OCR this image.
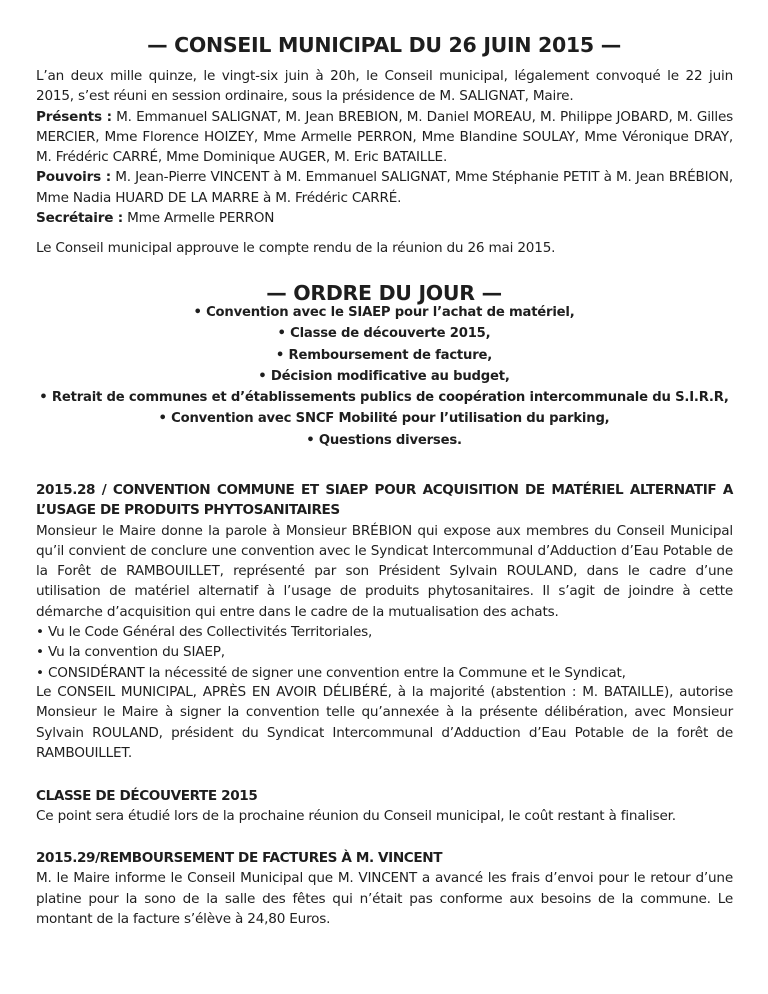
— CONSEIL MUNICIPAL DU 26 JUIN 2015 —

L’an deux mille quinze, le vingt-six juin à 20h, le Conseil municipal, légalement convoqué le 22 juin 2015, s’est réuni en session ordinaire, sous la présidence de M. SALIGNAT, Maire.

Présents : M. Emmanuel SALIGNAT, M. Jean BREBION, M. Daniel MOREAU, M. Philippe JOBARD, M. Gilles MERCIER, Mme Florence HOIZEY, Mme Armelle PERRON, Mme Blandine SOULAY, Mme Véronique DRAY, M. Frédéric CARRÉ, Mme Dominique AUGER, M. Eric BATAILLE.

Pouvoirs : M. Jean-Pierre VINCENT à M. Emmanuel SALIGNAT, Mme Stéphanie PETIT à M. Jean BRÉBION, Mme Nadia HUARD DE LA MARRE à M. Frédéric CARRÉ.

Secrétaire : Mme Armelle PERRON

Le Conseil municipal approuve le compte rendu de la réunion du 26 mai 2015.

— ORDRE DU JOUR —
• Convention avec le SIAEP pour l’achat de matériel,
• Classe de découverte 2015,
• Remboursement de facture,
• Décision modificative au budget,
• Retrait de communes et d’établissements publics de coopération intercommunale du S.I.R.R,
• Convention avec SNCF Mobilité pour l’utilisation du parking,
• Questions diverses.

2015.28 / CONVENTION COMMUNE ET SIAEP POUR ACQUISITION DE MATÉRIEL ALTERNATIF A L’USAGE DE PRODUITS PHYTOSANITAIRES

Monsieur le Maire donne la parole à Monsieur BRÉBION qui expose aux membres du Conseil Municipal qu’il convient de conclure une convention avec le Syndicat Intercommunal d’Adduction d’Eau Potable de la Forêt de RAMBOUILLET, représenté par son Président Sylvain ROULAND, dans le cadre d’une utilisation de matériel alternatif à l’usage de produits phytosanitaires. Il s’agit de joindre à cette démarche d’acquisition qui entre dans le cadre de la mutualisation des achats.

• Vu le Code Général des Collectivités Territoriales,
• Vu la convention du SIAEP,
• CONSIDÉRANT la nécessité de signer une convention entre la Commune et le Syndicat,

Le CONSEIL MUNICIPAL, APRÈS EN AVOIR DÉLIBÉRÉ, à la majorité (abstention : M. BATAILLE), autorise Monsieur le Maire à signer la convention telle qu’annexée à la présente délibération, avec Monsieur Sylvain ROULAND, président du Syndicat Intercommunal d’Adduction d’Eau Potable de la forêt de RAMBOUILLET.

CLASSE DE DÉCOUVERTE 2015

Ce point sera étudié lors de la prochaine réunion du Conseil municipal, le coût restant à finaliser.

2015.29/REMBOURSEMENT DE FACTURES À M. VINCENT

M. le Maire informe le Conseil Municipal que M. VINCENT a avancé les frais d’envoi pour le retour d’une platine pour la sono de la salle des fêtes qui n’était pas conforme aux besoins de la commune. Le montant de la facture s’élève à 24,80 Euros.
